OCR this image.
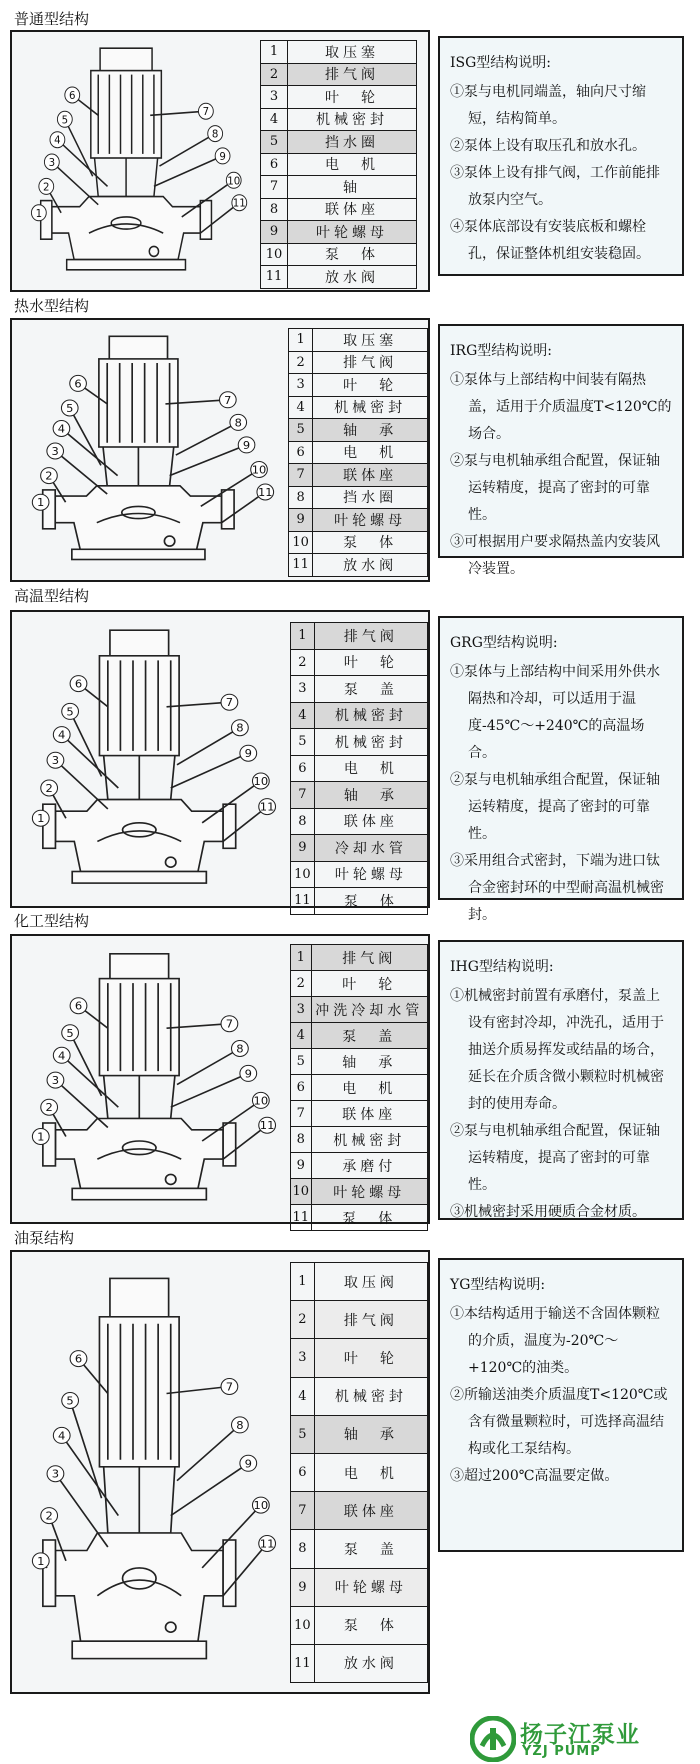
扬子江泵业
YZJ PUMP
普通型结构
1
2
3
4
5
6
7
8
9
10
11
1	取压塞
2	排气阀
3	叶　轮
4	机械密封
5	挡水圈
6	电　机
7	轴
8	联体座
9	叶轮螺母
10	泵　体
11	放水阀
ISG型结构说明:
①泵与电机同端盖，轴向尺寸缩短，结构简单。
②泵体上设有取压孔和放水孔。
③泵体上设有排气阀，工作前能排放泵内空气。
④泵体底部设有安装底板和螺栓孔，保证整体机组安装稳固。
热水型结构
1
2
3
4
5
6
7
8
9
10
11
1	取压塞
2	排气阀
3	叶　轮
4	机械密封
5	轴　承
6	电　机
7	联体座
8	挡水圈
9	叶轮螺母
10	泵　体
11	放水阀
IRG型结构说明:
①泵体与上部结构中间装有隔热盖，适用于介质温度T<120℃的场合。
②泵与电机轴承组合配置，保证轴运转精度，提高了密封的可靠性。
③可根据用户要求隔热盖内安装风冷装置。
高温型结构
1
2
3
4
5
6
7
8
9
10
11
1	排气阀
2	叶　轮
3	泵　盖
4	机械密封
5	机械密封
6	电　机
7	轴　承
8	联体座
9	冷却水管
10	叶轮螺母
11	泵　体
GRG型结构说明:
①泵体与上部结构中间采用外供水隔热和冷却，可以适用于温度-45℃～+240℃的高温场合。
②泵与电机轴承组合配置，保证轴运转精度，提高了密封的可靠性。
③采用组合式密封，下端为进口钛合金密封环的中型耐高温机械密封。
化工型结构
1
2
3
4
5
6
7
8
9
10
11
1	排气阀
2	叶　轮
3	冲洗冷却水管
4	泵　盖
5	轴　承
6	电　机
7	联体座
8	机械密封
9	承磨付
10	叶轮螺母
11	泵　体
IHG型结构说明:
①机械密封前置有承磨付，泵盖上设有密封冷却，冲洗孔，适用于抽送介质易挥发或结晶的场合，延长在介质含微小颗粒时机械密封的使用寿命。
②泵与电机轴承组合配置，保证轴运转精度，提高了密封的可靠性。
③机械密封采用硬质合金材质。
油泵结构
1
2
3
4
5
6
7
8
9
10
11
1	取压阀
2	排气阀
3	叶　轮
4	机械密封
5	轴　承
6	电　机
7	联体座
8	泵　盖
9	叶轮螺母
10	泵　体
11	放水阀
YG型结构说明:
①本结构适用于输送不含固体颗粒的介质，温度为-20℃～+120℃的油类。
②所输送油类介质温度T<120℃或含有微量颗粒时，可选择高温结构或化工泵结构。
③超过200℃高温要定做。
